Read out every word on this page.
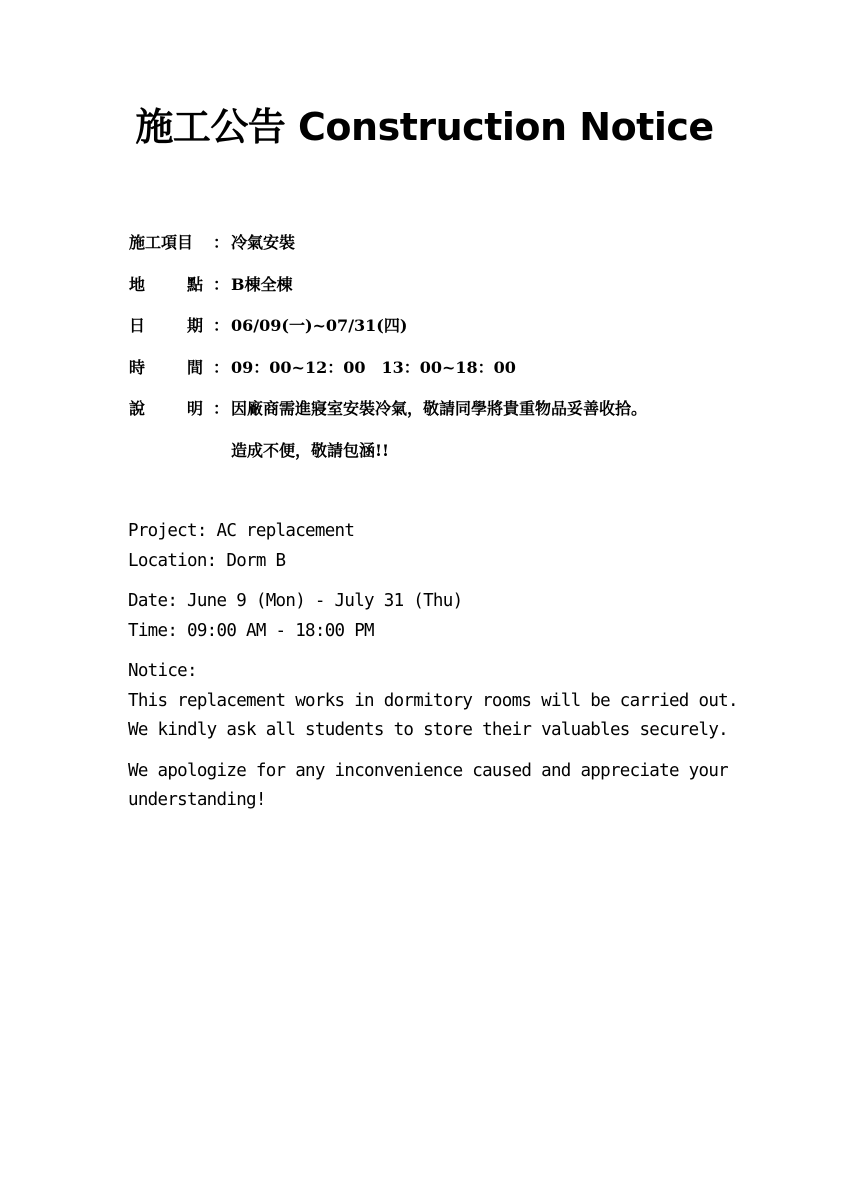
施工公告 Construction Notice
施工項目	： 冷氣安裝
地	點 ： B棟全棟
日	期 ： 06/09(一)~07/31(四)
時	間 ： 09：00~12：00　13：00~18：00
說	明 ： 因廠商需進寢室安裝冷氣，敬請同學將貴重物品妥善收拾。
造成不便，敬請包涵!!
Project: AC replacement
Location: Dorm B
Date: June 9 (Mon) - July 31 (Thu)
Time: 09:00 AM - 18:00 PM
Notice:
This replacement works in dormitory rooms will be carried out.
We kindly ask all students to store their valuables securely.
We apologize for any inconvenience caused and appreciate your
understanding!
